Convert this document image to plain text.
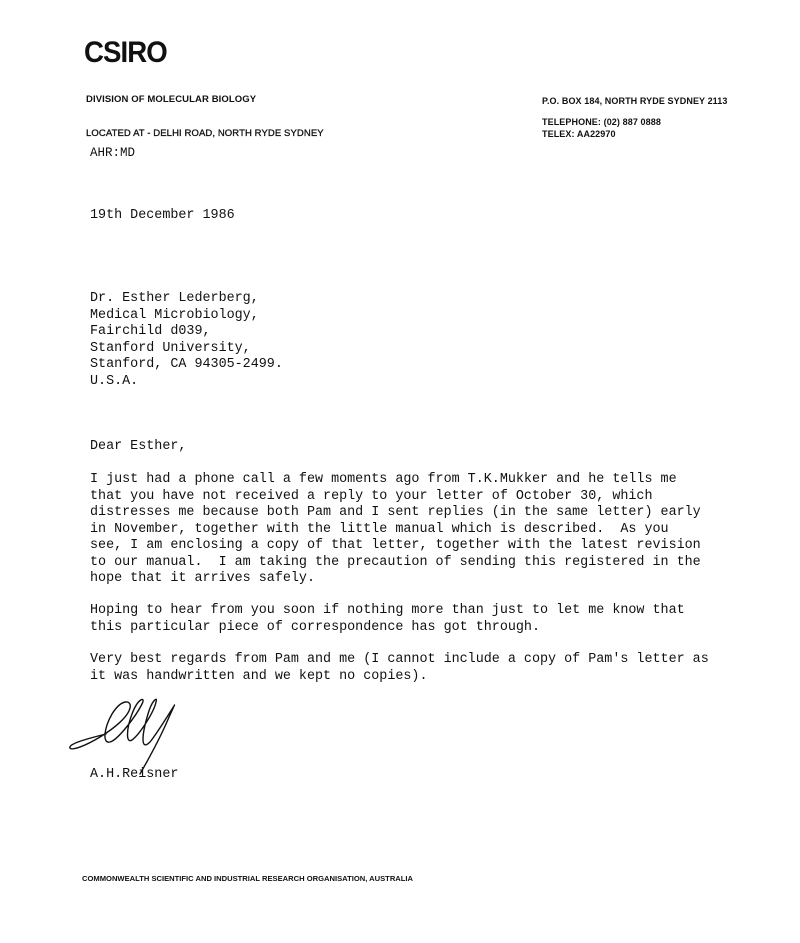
CSIRO
DIVISION OF MOLECULAR BIOLOGY
LOCATED AT - DELHI ROAD, NORTH RYDE SYDNEY
P.O. BOX 184, NORTH RYDE SYDNEY 2113
TELEPHONE: (02) 887 0888
TELEX: AA22970
AHR:MD
19th December 1986
Dr. Esther Lederberg,
Medical Microbiology,
Fairchild d039,
Stanford University,
Stanford, CA 94305-2499.
U.S.A.
Dear Esther,
I just had a phone call a few moments ago from T.K.Mukker and he tells me
that you have not received a reply to your letter of October 30, which
distresses me because both Pam and I sent replies (in the same letter) early
in November, together with the little manual which is described.  As you
see, I am enclosing a copy of that letter, together with the latest revision
to our manual.  I am taking the precaution of sending this registered in the
hope that it arrives safely.
Hoping to hear from you soon if nothing more than just to let me know that
this particular piece of correspondence has got through.
Very best regards from Pam and me (I cannot include a copy of Pam's letter as
it was handwritten and we kept no copies).
A.H.Reisner
COMMONWEALTH SCIENTIFIC AND INDUSTRIAL RESEARCH ORGANISATION, AUSTRALIA
